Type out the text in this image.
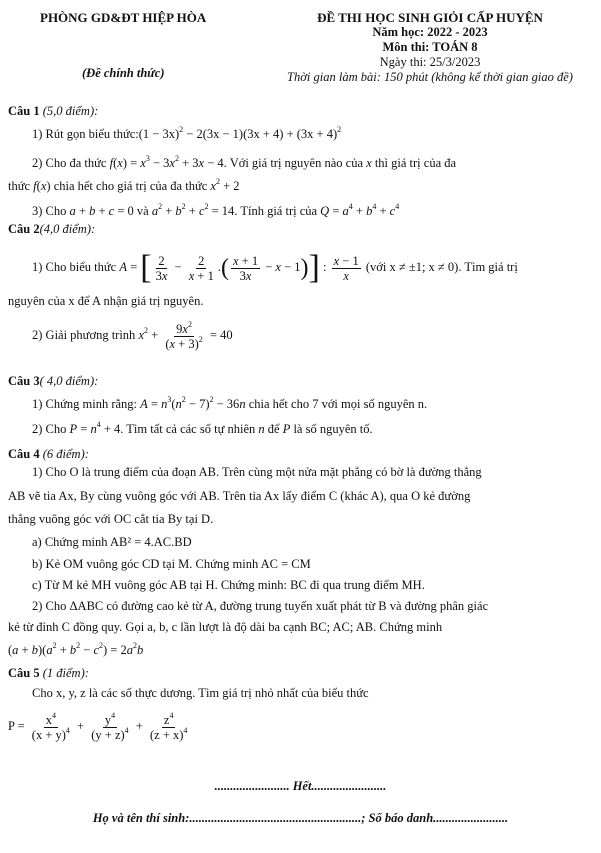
PHÒNG GD&ĐT HIỆP HÒA
(Đề chính thức)
ĐỀ THI HỌC SINH GIỎI CẤP HUYỆN
Năm học: 2022 - 2023
Môn thi: TOÁN 8
Ngày thi: 25/3/2023
Thời gian làm bài: 150 phút (không kể thời gian giao đề)
Câu 1 (5,0 điểm):
1) Rút gọn biểu thức:(1 − $3x)^2 - 2(3x - 1)(3x + 4) + (3x + 4)^2$
2) Cho đa thức $f(x) = x^3 - 3x^2 + 3x - 4$. Với giá trị nguyên nào của x thì giá trị của đa
thức f(x) chia hết cho giá trị của đa thức $x^2 + 2$
3) Cho a + b + c = 0 và $a^2 + b^2 + c^2 = 14$. Tính giá trị của $Q = a^4 + b^4 + c^4$
Câu 2(4,0 điểm):
1) Cho biểu thức A = [ $\frac{2}{3x} - \frac{2}{x + 1}$ .( $\frac{x + 1}{3x} - x - 1$)] : $\frac{x - 1}{x}$ (với x ≠ ±1; x ≠ 0). Tìm giá trị
nguyên của x để A nhận giá trị nguyên.
2) Giải phương trình $x^2 + \frac{9x^2}{(x + 3)^2} = 40$
Câu 3( 4,0 điểm):
1) Chứng minh rằng: $A = n^3(n^2 - 7)^2 - 36n$ chia hết cho 7 với mọi số nguyên n.
2) Cho $P = n^4 + 4$. Tìm tất cả các số tự nhiên n để P là số nguyên tố.
Câu 4 (6 điểm):
1) Cho O là trung điểm của đoạn AB. Trên cùng một nửa mặt phẳng có bờ là đường thẳng
AB vẽ tia Ax, By cùng vuông góc với AB. Trên tia Ax lấy điểm C (khác A), qua O kẻ đường
thẳng vuông góc với OC cắt tia By tại D.
a) Chứng minh AB² = 4.AC.BD
b) Kẻ OM vuông góc CD tại M. Chứng minh AC = CM
c) Từ M kẻ MH vuông góc AB tại H. Chứng minh: BC đi qua trung điểm MH.
2) Cho ΔABC có đường cao kẻ từ A, đường trung tuyến xuất phát từ B và đường phân giác
kẻ từ đỉnh C đồng quy. Gọi a, b, c lần lượt là độ dài ba cạnh BC; AC; AB. Chứng minh
$(a + b)(a^2 + b^2 - c^2) = 2a^2b$
Câu 5 (1 điểm):
Cho x, y, z là các số thực dương. Tìm giá trị nhỏ nhất của biểu thức
$P = \frac{x^4}{(x + y)^4} + \frac{y^4}{(y + z)^4} + \frac{z^4}{(z + x)^4}$
........................ Hết........................
Họ và tên thí sinh:.......................................................; Số báo danh........................
